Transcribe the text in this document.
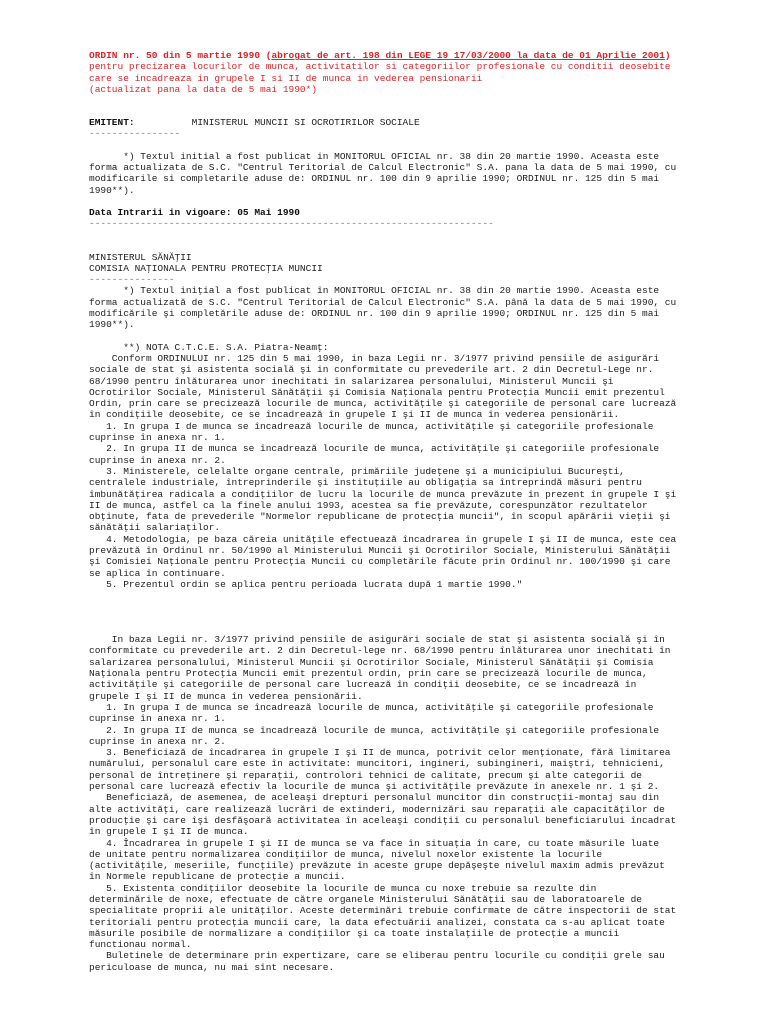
ORDIN nr. 50 din 5 martie 1990 (abrogat de art. 198 din LEGE 19 17/03/2000 la data de 01 Aprilie 2001)
pentru precizarea locurilor de munca, activitatilor si categoriilor profesionale cu conditii deosebite
care se incadreaza in grupele I si II de munca in vederea pensionarii
(actualizat pana la data de 5 mai 1990*)
EMITENT:	MINISTERUL MUNCII SI OCROTIRILOR SOCIALE
----------------
*) Textul initial a fost publicat in MONITORUL OFICIAL nr. 38 din 20 martie 1990. Aceasta este
forma actualizata de S.C. "Centrul Teritorial de Calcul Electronic" S.A. pana la data de 5 mai 1990, cu
modificarile si completarile aduse de: ORDINUL nr. 100 din 9 aprilie 1990; ORDINUL nr. 125 din 5 mai
1990**).
Data Intrarii in vigoare: 05 Mai 1990
-----------------------------------------------------------------------
MINISTERUL SĂNĂŢII
COMISIA NAŢIONALA PENTRU PROTECŢIA MUNCII
---------------
*) Textul iniţial a fost publicat în MONITORUL OFICIAL nr. 38 din 20 martie 1990. Aceasta este
forma actualizată de S.C. "Centrul Teritorial de Calcul Electronic" S.A. până la data de 5 mai 1990, cu
modificările şi completările aduse de: ORDINUL nr. 100 din 9 aprilie 1990; ORDINUL nr. 125 din 5 mai
1990**).
**) NOTA C.T.C.E. S.A. Piatra-Neamţ:
Conform ORDINULUI nr. 125 din 5 mai 1990, in baza Legii nr. 3/1977 privind pensiile de asigurări
sociale de stat şi asistenta socială şi in conformitate cu prevederile art. 2 din Decretul-Lege nr.
68/1990 pentru înlăturarea unor inechitati în salarizarea personalului, Ministerul Muncii şi
Ocrotirilor Sociale, Ministerul Sănătăţii şi Comisia Naţionala pentru Protecţia Muncii emit prezentul
Ordin, prin care se precizează locurile de munca, activităţile şi categoriile de personal care lucrează
în condiţiile deosebite, ce se încadrează în grupele I şi II de munca în vederea pensionării.
1. In grupa I de munca se încadrează locurile de munca, activităţile şi categoriile profesionale
cuprinse în anexa nr. 1.
2. In grupa II de munca se încadrează locurile de munca, activităţile şi categoriile profesionale
cuprinse în anexa nr. 2.
3. Ministerele, celelalte organe centrale, primăriile judeţene şi a municipiului Bucureşti,
centralele industriale, întreprinderile şi instituţiile au obligaţia sa întreprindă măsuri pentru
îmbunătăţirea radicala a condiţiilor de lucru la locurile de munca prevăzute în prezent în grupele I şi
II de munca, astfel ca la finele anului 1993, acestea sa fie prevăzute, corespunzător rezultatelor
obţinute, fata de prevederile "Normelor republicane de protecţia muncii", în scopul apărării vieţii şi
sănătăţii salariaţilor.
4. Metodologia, pe baza căreia unităţile efectuează încadrarea în grupele I şi II de munca, este cea
prevăzută în Ordinul nr. 50/1990 al Ministerului Muncii şi Ocrotirilor Sociale, Ministerului Sănătăţii
şi Comisiei Naţionale pentru Protecţia Muncii cu completările făcute prin Ordinul nr. 100/1990 şi care
se aplica în continuare.
5. Prezentul ordin se aplica pentru perioada lucrata după 1 martie 1990."
In baza Legii nr. 3/1977 privind pensiile de asigurări sociale de stat şi asistenta socială şi în
conformitate cu prevederile art. 2 din Decretul-lege nr. 68/1990 pentru înlăturarea unor inechitati în
salarizarea personalului, Ministerul Muncii şi Ocrotirilor Sociale, Ministerul Sănătăţii şi Comisia
Naţionala pentru Protecţia Muncii emit prezentul ordin, prin care se precizează locurile de munca,
activităţile şi categoriile de personal care lucrează în condiţii deosebite, ce se încadrează în
grupele I şi II de munca în vederea pensionării.
1. In grupa I de munca se încadrează locurile de munca, activităţile şi categoriile profesionale
cuprinse în anexa nr. 1.
2. In grupa II de munca se încadrează locurile de munca, activităţile şi categoriile profesionale
cuprinse în anexa nr. 2.
3. Beneficiază de încadrarea în grupele I şi II de munca, potrivit celor menţionate, fără limitarea
numărului, personalul care este în activitate: muncitori, ingineri, subingineri, maiştri, tehnicieni,
personal de întreţinere şi reparaţii, controlori tehnici de calitate, precum şi alte categorii de
personal care lucrează efectiv la locurile de munca şi activităţile prevăzute în anexele nr. 1 şi 2.
Beneficiază, de asemenea, de aceleaşi drepturi personalul muncitor din construcţii-montaj sau din
alte activităţi, care realizează lucrări de extinderi, modernizări sau reparaţii ale capacităţilor de
producţie şi care îşi desfăşoară activitatea în aceleaşi condiţii cu personalul beneficiarului încadrat
în grupele I şi II de munca.
4. Încadrarea în grupele I şi II de munca se va face în situaţia în care, cu toate măsurile luate
de unitate pentru normalizarea condiţiilor de munca, nivelul noxelor existente la locurile
(activităţile, meseriile, funcţiile) prevăzute în aceste grupe depăşeşte nivelul maxim admis prevăzut
în Normele republicane de protecţie a muncii.
5. Existenta condiţiilor deosebite la locurile de munca cu noxe trebuie sa rezulte din
determinările de noxe, efectuate de către organele Ministerului Sănătăţii sau de laboratoarele de
specialitate proprii ale unităţilor. Aceste determinări trebuie confirmate de către inspectorii de stat
teritoriali pentru protecţia muncii care, la data efectuării analizei, constata ca s-au aplicat toate
măsurile posibile de normalizare a condiţiilor şi ca toate instalaţiile de protecţie a muncii
functionau normal.
Buletinele de determinare prin expertizare, care se eliberau pentru locurile cu condiţii grele sau
periculoase de munca, nu mai sînt necesare.
